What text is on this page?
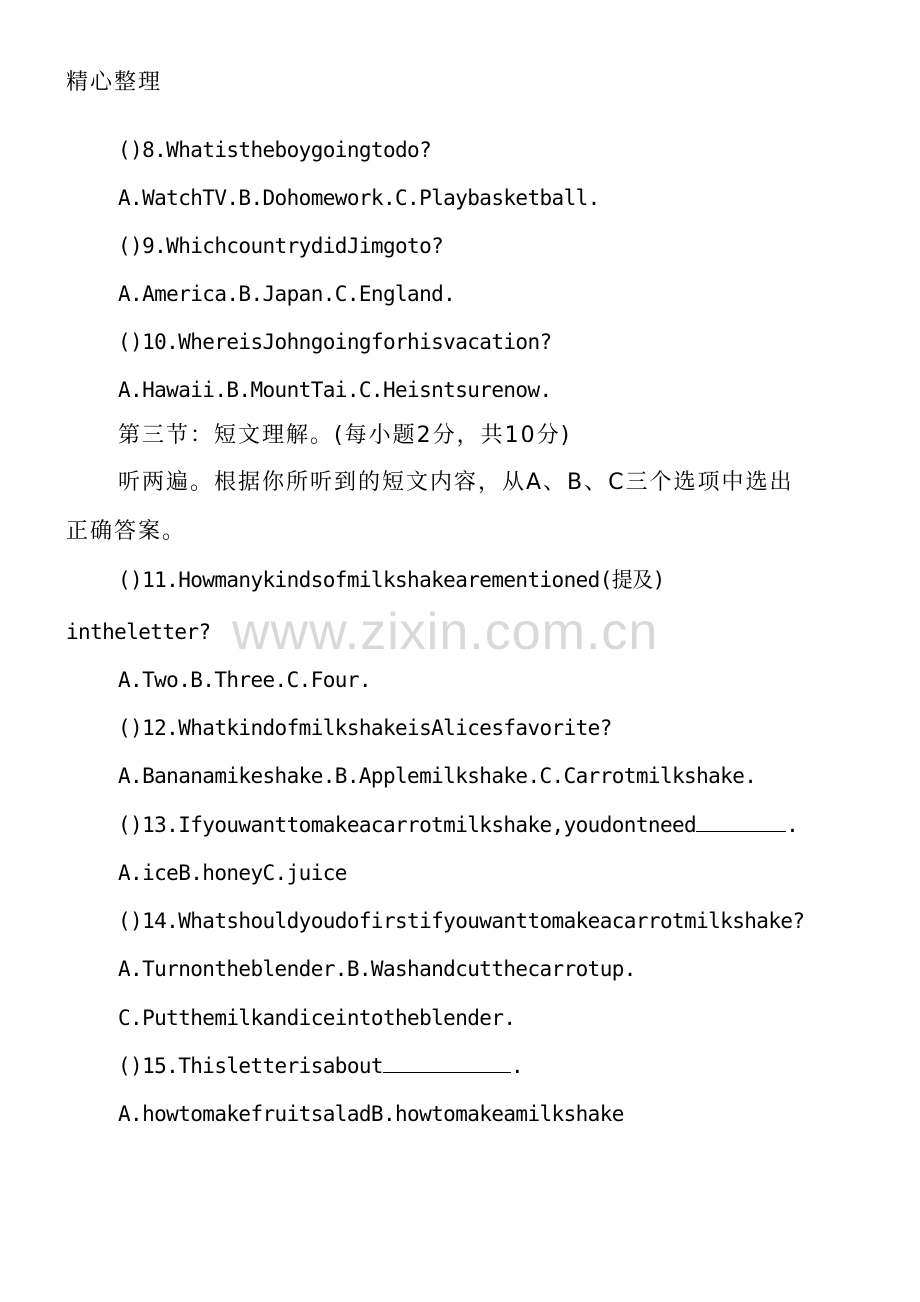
精心整理
www.zixin.com.cn
()8.Whatistheboygoingtodo?
A.WatchTV.B.Dohomework.C.Playbasketball.
()9.WhichcountrydidJimgoto?
A.America.B.Japan.C.England.
()10.WhereisJohngoingforhisvacation?
A.Hawaii.B.MountTai.C.Heisntsurenow.
第三节：短文理解。(每小题2分，共10分)
听两遍。根据你所听到的短文内容，从A、B、C三个选项中选出
正确答案。
()11.Howmanykindsofmilkshakearementioned(提及)
intheletter?
A.Two.B.Three.C.Four.
()12.WhatkindofmilkshakeisAlicesfavorite?
A.Bananamikeshake.B.Applemilkshake.C.Carrotmilkshake.
()13.Ifyouwanttomakeacarrotmilkshake,youdontneed	.
A.iceB.honeyC.juice
()14.Whatshouldyoudofirstifyouwanttomakeacarrotmilkshake?
A.Turnontheblender.B.Washandcutthecarrotup.
C.Putthemilkandiceintotheblender.
()15.Thisletterisabout	.
A.howtomakefruitsaladB.howtomakeamilkshake
